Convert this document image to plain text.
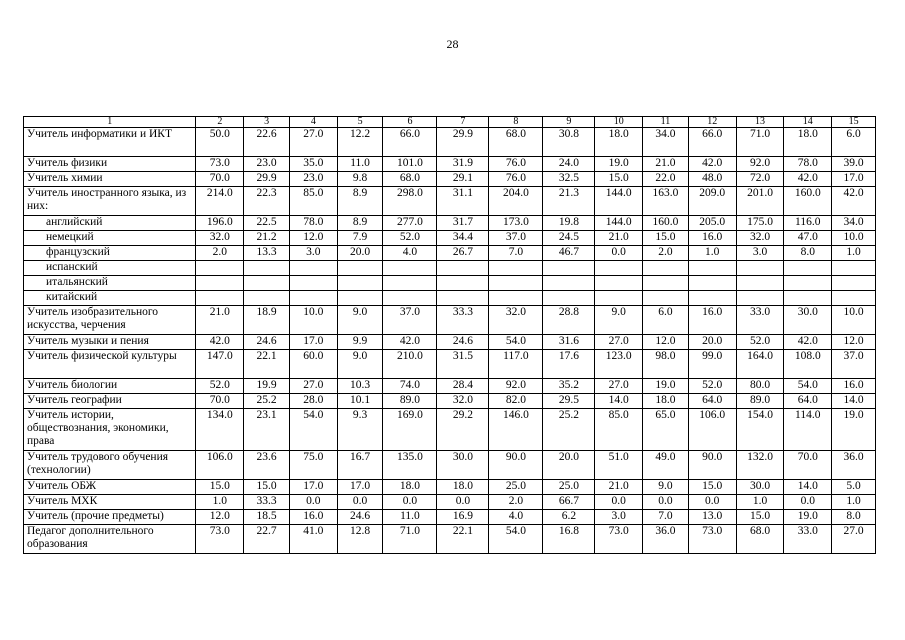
28
1	2	3	4	5	6	7	8	9	10	11	12	13	14	15
Учитель информатики и ИКТ	50.0	22.6	27.0	12.2	66.0	29.9	68.0	30.8	18.0	34.0	66.0	71.0	18.0	6.0
Учитель физики	73.0	23.0	35.0	11.0	101.0	31.9	76.0	24.0	19.0	21.0	42.0	92.0	78.0	39.0
Учитель химии	70.0	29.9	23.0	9.8	68.0	29.1	76.0	32.5	15.0	22.0	48.0	72.0	42.0	17.0
Учитель иностранного языка, из них:	214.0	22.3	85.0	8.9	298.0	31.1	204.0	21.3	144.0	163.0	209.0	201.0	160.0	42.0
английский	196.0	22.5	78.0	8.9	277.0	31.7	173.0	19.8	144.0	160.0	205.0	175.0	116.0	34.0
немецкий	32.0	21.2	12.0	7.9	52.0	34.4	37.0	24.5	21.0	15.0	16.0	32.0	47.0	10.0
французский	2.0	13.3	3.0	20.0	4.0	26.7	7.0	46.7	0.0	2.0	1.0	3.0	8.0	1.0
испанский														
итальянский														
китайский														
Учитель изобразительного искусства, черчения	21.0	18.9	10.0	9.0	37.0	33.3	32.0	28.8	9.0	6.0	16.0	33.0	30.0	10.0
Учитель музыки и пения	42.0	24.6	17.0	9.9	42.0	24.6	54.0	31.6	27.0	12.0	20.0	52.0	42.0	12.0
Учитель физической культуры	147.0	22.1	60.0	9.0	210.0	31.5	117.0	17.6	123.0	98.0	99.0	164.0	108.0	37.0
Учитель биологии	52.0	19.9	27.0	10.3	74.0	28.4	92.0	35.2	27.0	19.0	52.0	80.0	54.0	16.0
Учитель географии	70.0	25.2	28.0	10.1	89.0	32.0	82.0	29.5	14.0	18.0	64.0	89.0	64.0	14.0
Учитель истории, обществознания, экономики, права	134.0	23.1	54.0	9.3	169.0	29.2	146.0	25.2	85.0	65.0	106.0	154.0	114.0	19.0
Учитель трудового обучения (технологии)	106.0	23.6	75.0	16.7	135.0	30.0	90.0	20.0	51.0	49.0	90.0	132.0	70.0	36.0
Учитель ОБЖ	15.0	15.0	17.0	17.0	18.0	18.0	25.0	25.0	21.0	9.0	15.0	30.0	14.0	5.0
Учитель МХК	1.0	33.3	0.0	0.0	0.0	0.0	2.0	66.7	0.0	0.0	0.0	1.0	0.0	1.0
Учитель (прочие предметы)	12.0	18.5	16.0	24.6	11.0	16.9	4.0	6.2	3.0	7.0	13.0	15.0	19.0	8.0
Педагог дополнительного образования	73.0	22.7	41.0	12.8	71.0	22.1	54.0	16.8	73.0	36.0	73.0	68.0	33.0	27.0
